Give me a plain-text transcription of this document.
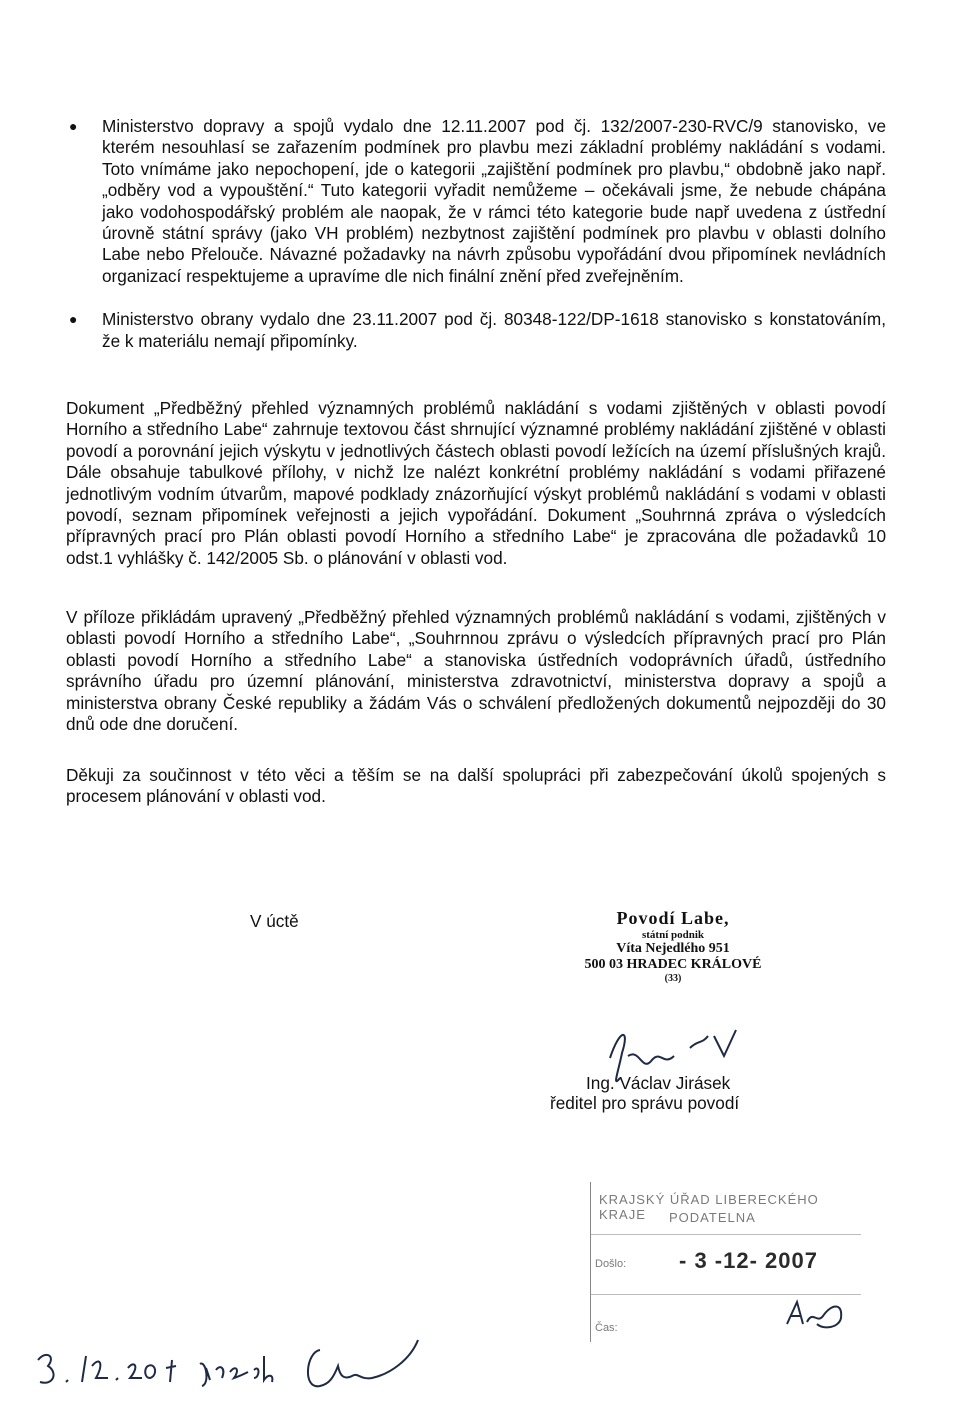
● Ministerstvo dopravy a spojů vydalo dne 12.11.2007 pod čj. 132/2007-230-RVC/9 stanovisko, ve kterém nesouhlasí se zařazením podmínek pro plavbu mezi základní problémy nakládání s vodami. Toto vnímáme jako nepochopení, jde o kategorii „zajištění podmínek pro plavbu,“ obdobně jako např. „odběry vod a vypouštění.“ Tuto kategorii vyřadit nemůžeme – očekávali jsme, že nebude chápána jako vodohospodářský problém ale naopak, že v rámci této kategorie bude např uvedena z ústřední úrovně státní správy (jako VH problém) nezbytnost zajištění podmínek pro plavbu v oblasti dolního Labe nebo Přelouče. Návazné požadavky na návrh způsobu vypořádání dvou připomínek nevládních organizací respektujeme a upravíme dle nich finální znění před zveřejněním.
● Ministerstvo obrany vydalo dne 23.11.2007 pod čj. 80348-122/DP-1618 stanovisko s konstatováním, že k materiálu nemají připomínky.
Dokument „Předběžný přehled významných problémů nakládání s vodami zjištěných v oblasti povodí Horního a středního Labe“ zahrnuje textovou část shrnující významné problémy nakládání zjištěné v oblasti povodí a porovnání jejich výskytu v jednotlivých částech oblasti povodí ležících na území příslušných krajů. Dále obsahuje tabulkové přílohy, v nichž lze nalézt konkrétní problémy nakládání s vodami přiřazené jednotlivým vodním útvarům, mapové podklady znázorňující výskyt problémů nakládání s vodami v oblasti povodí, seznam připomínek veřejnosti a jejich vypořádání. Dokument „Souhrnná zpráva o výsledcích přípravných prací pro Plán oblasti povodí Horního a středního Labe“ je zpracována dle požadavků 10 odst.1 vyhlášky č. 142/2005 Sb. o plánování v oblasti vod.
V příloze přikládám upravený „Předběžný přehled významných problémů nakládání s vodami, zjištěných v oblasti povodí Horního a středního Labe“, „Souhrnnou zprávu o výsledcích přípravných prací pro Plán oblasti povodí Horního a středního Labe“ a stanoviska ústředních vodoprávních úřadů, ústředního správního úřadu pro územní plánování, ministerstva zdravotnictví, ministerstva dopravy a spojů a ministerstva obrany České republiky a žádám Vás o schválení předložených dokumentů nejpozději do 30 dnů ode dne doručení.
Děkuji za součinnost v této věci a těším se na další spolupráci při zabezpečování úkolů spojených s procesem plánování v oblasti vod.
V úctě	Povodí Labe,
státní podnik
Víta Nejedlého 951
500 03 HRADEC KRÁLOVÉ
(33)
Ing. Václav Jirásek
ředitel pro správu povodí
KRAJSKÝ ÚŘAD LIBERECKÉHO KRAJE	PODATELNA
Došlo: - 3 -12- 2007
Čas:
